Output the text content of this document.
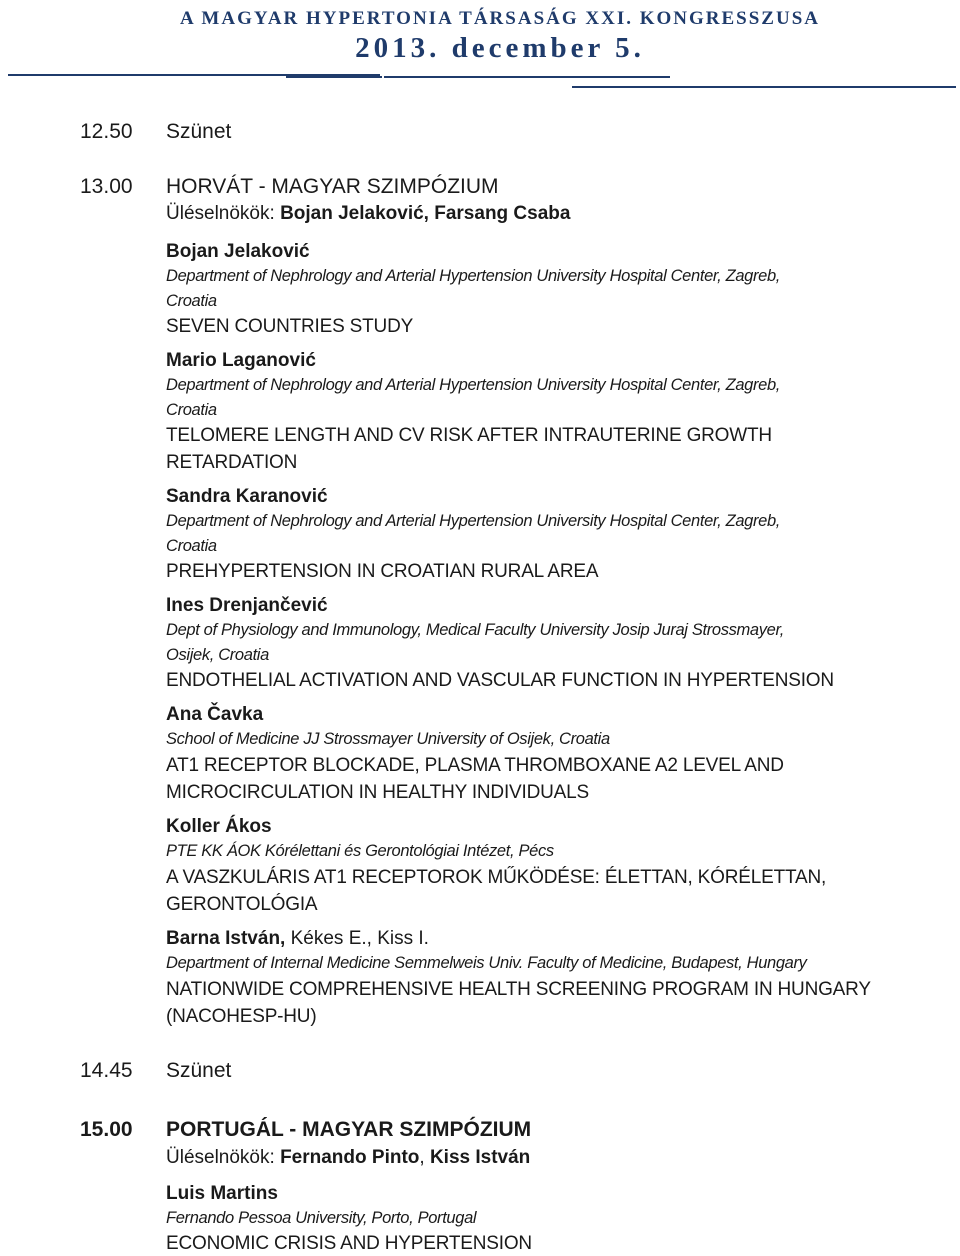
A MAGYAR HYPERTONIA TÁRSASÁG XXI. KONGRESSZUSA
2013. december 5.
12.50 Szünet
13.00 HORVÁT - MAGYAR SZIMPÓZIUM
Üléselnökök: Bojan Jelaković, Farsang Csaba
Bojan Jelaković
Department of Nephrology and Arterial Hypertension University Hospital Center, Zagreb,
Croatia
SEVEN COUNTRIES STUDY
Mario Laganović
Department of Nephrology and Arterial Hypertension University Hospital Center, Zagreb,
Croatia
TELOMERE LENGTH AND CV RISK AFTER INTRAUTERINE GROWTH
RETARDATION
Sandra Karanović
Department of Nephrology and Arterial Hypertension University Hospital Center, Zagreb,
Croatia
PREHYPERTENSION IN CROATIAN RURAL AREA
Ines Drenjančević
Dept of Physiology and Immunology, Medical Faculty University Josip Juraj Strossmayer,
Osijek, Croatia
ENDOTHELIAL ACTIVATION AND VASCULAR FUNCTION IN HYPERTENSION
Ana Čavka
School of Medicine JJ Strossmayer University of Osijek, Croatia
AT1 RECEPTOR BLOCKADE, PLASMA THROMBOXANE A2 LEVEL AND
MICROCIRCULATION IN HEALTHY INDIVIDUALS
Koller Ákos
PTE KK ÁOK Kórélettani és Gerontológiai Intézet, Pécs
A VASZKULÁRIS AT1 RECEPTOROK MŰKÖDÉSE: ÉLETTAN, KÓRÉLETTAN,
GERONTOLÓGIA
Barna István, Kékes E., Kiss I.
Department of Internal Medicine Semmelweis Univ. Faculty of Medicine, Budapest, Hungary
NATIONWIDE COMPREHENSIVE HEALTH SCREENING PROGRAM IN HUNGARY
(NACOHESP-HU)
14.45 Szünet
15.00 PORTUGÁL - MAGYAR SZIMPÓZIUM
Üléselnökök: Fernando Pinto, Kiss István
Luis Martins
Fernando Pessoa University, Porto, Portugal
ECONOMIC CRISIS AND HYPERTENSION
